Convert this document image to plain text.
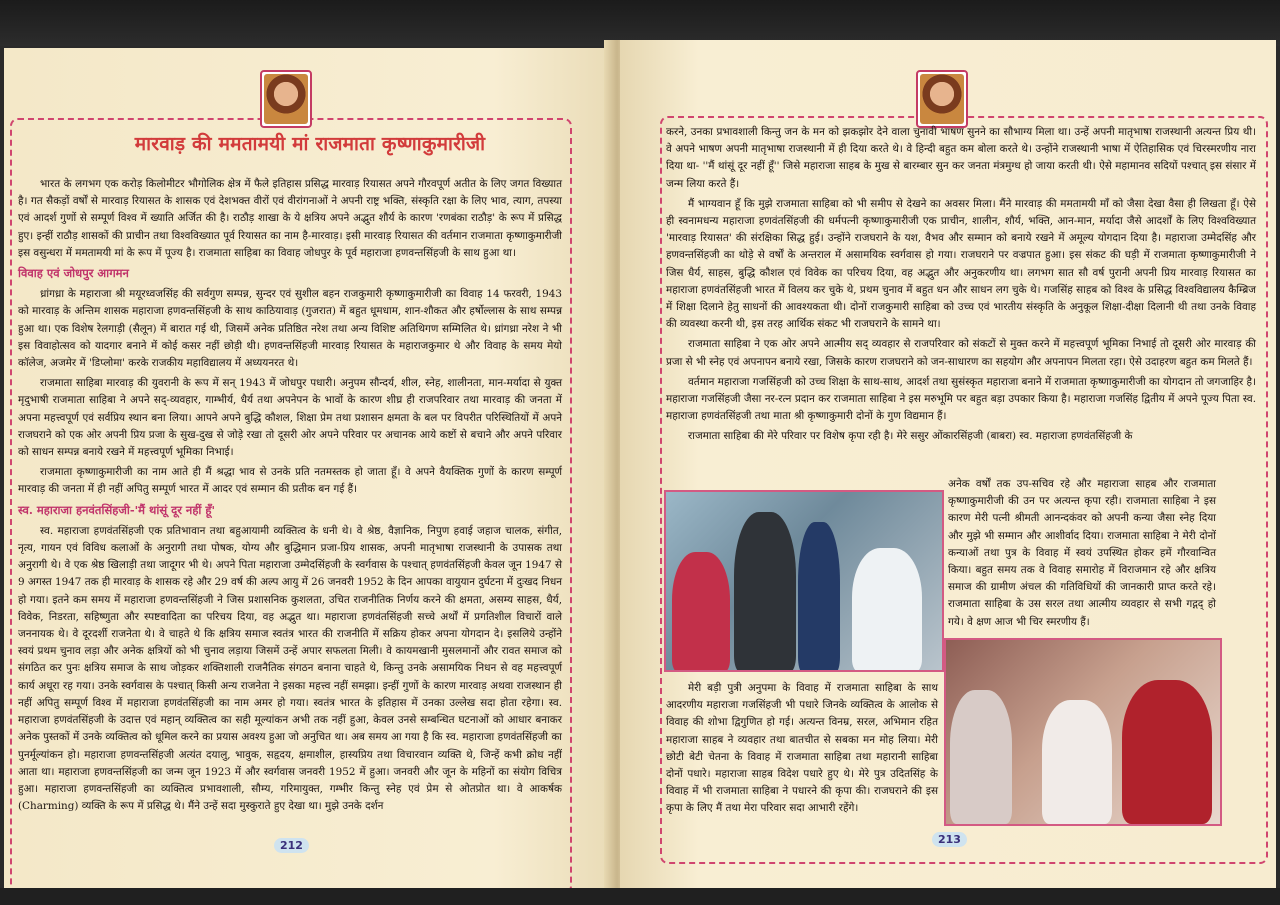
मारवाड़ की ममतामयी मां राजमाता कृष्णाकुमारीजी

भारत के लगभग एक करोड़ किलोमीटर भौगोलिक क्षेत्र में फैले इतिहास प्रसिद्ध मारवाड़ रियासत अपने गौरवपूर्ण अतीत के लिए जगत विख्यात है। गत सैकड़ों वर्षों से मारवाड़ रियासत के शासक एवं देशभक्त वीरों एवं वीरांगनाओं ने अपनी राष्ट्र भक्ति, संस्कृति रक्षा के लिए भाव, त्याग, तपस्या एवं आदर्श गुणों से सम्पूर्ण विश्व में ख्याति अर्जित की है। राठौड़ शाखा के ये क्षत्रिय अपने अद्भुत शौर्य के कारण 'रणबंका राठौड़' के रूप में प्रसिद्ध हुए। इन्हीं राठौड़ शासकों की प्राचीन तथा विश्वविख्यात पूर्व रियासत का नाम है-मारवाड़। इसी मारवाड़ रियासत की वर्तमान राजमाता कृष्णाकुमारीजी इस वसुन्धरा में ममतामयी मां के रूप में पूज्य है। राजमाता साहिबा का विवाह जोधपुर के पूर्व महाराजा हणवन्तसिंहजी के साथ हुआ था।

विवाह एवं जोधपुर आगमन

ध्रांगध्रा के महाराजा श्री मयूरध्वजसिंह की सर्वगुण सम्पन्न, सुन्दर एवं सुशील बहन राजकुमारी कृष्णाकुमारीजी का विवाह 14 फरवरी, 1943 को मारवाड़ के अन्तिम शासक महाराजा हणवन्तसिंहजी के साथ काठियावाड़ (गुजरात) में बहुत धूमधाम, शान-शौकत और हर्षोल्लास के साथ सम्पन्न हुआ था। एक विशेष रेलगाड़ी (सैलून) में बारात गई थी, जिसमें अनेक प्रतिष्ठित नरेश तथा अन्य विशिष्ट अतिथिगण सम्मिलित थे। ध्रांगध्रा नरेश ने भी इस विवाहोत्सव को यादगार बनाने में कोई कसर नहीं छोड़ी थी। हणवन्तसिंहजी मारवाड़ रियासत के महाराजकुमार थे और विवाह के समय मेयो कॉलेज, अजमेर में 'डिप्लोमा' करके राजकीय महाविद्यालय में अध्ययनरत थे।

राजमाता साहिबा मारवाड़ की युवरानी के रूप में सन् 1943 में जोधपुर पधारी। अनुपम सौन्दर्य, शील, स्नेह, शालीनता, मान-मर्यादा से युक्त मृदुभाषी राजमाता साहिबा ने अपने सद्-व्यवहार, गाम्भीर्य, धैर्य तथा अपनेपन के भावों के कारण शीघ्र ही राजपरिवार तथा मारवाड़ की जनता में अपना महत्त्वपूर्ण एवं सर्वप्रिय स्थान बना लिया। आपने अपने बुद्धि कौशल, शिक्षा प्रेम तथा प्रशासन क्षमता के बल पर विपरीत परिस्थितियों में अपने राजघराने को एक ओर अपनी प्रिय प्रजा के सुख-दुख से जोड़े रखा तो दूसरी ओर अपने परिवार पर अचानक आये कष्टों से बचाने और अपने परिवार को साधन सम्पन्न बनाये रखने में महत्त्वपूर्ण भूमिका निभाई।

राजमाता कृष्णाकुमारीजी का नाम आते ही मैं श्रद्धा भाव से उनके प्रति नतमस्तक हो जाता हूँ। वे अपने वैयक्तिक गुणों के कारण सम्पूर्ण मारवाड़ की जनता में ही नहीं अपितु सम्पूर्ण भारत में आदर एवं सम्मान की प्रतीक बन गई हैं।

स्व. महाराजा हनवंतसिंहजी-'मैं थांसूं दूर नहीं हूँ'

स्व. महाराजा हणवंतसिंहजी एक प्रतिभावान तथा बहुआयामी व्यक्तित्व के धनी थे। वे श्रेष्ठ, वैज्ञानिक, निपुण हवाई जहाज चालक, संगीत, नृत्य, गायन एवं विविध कलाओं के अनुरागी तथा पोषक, योग्य और बुद्धिमान प्रजा-प्रिय शासक, अपनी मातृभाषा राजस्थानी के उपासक तथा अनुरागी थे। वे एक श्रेष्ठ खिलाड़ी तथा जादूगर भी थे। अपने पिता महाराजा उम्मेदसिंहजी के स्वर्गवास के पश्चात् हणवंतसिंहजी केवल जून 1947 से 9 अगस्त 1947 तक ही मारवाड़ के शासक रहे और 29 वर्ष की अल्प आयु में 26 जनवरी 1952 के दिन आपका वायुयान दुर्घटना में दुःखद निधन हो गया। इतने कम समय में महाराजा हणवन्तसिंहजी ने जिस प्रशासनिक कुशलता, उचित राजनीतिक निर्णय करने की क्षमता, असम्य साहस, धैर्य, विवेक, निडरता, सहिष्णुता और स्पष्टवादिता का परिचय दिया, वह अद्भुत था। महाराजा हणवंतसिंहजी सच्चे अर्थों में प्रगतिशील विचारों वाले जननायक थे। वे दूरदर्शी राजनेता थे। वे चाहते थे कि क्षत्रिय समाज स्वतंत्र भारत की राजनीति में सक्रिय होकर अपना योगदान दे। इसलिये उन्होंने स्वयं प्रथम चुनाव लड़ा और अनेक क्षत्रियों को भी चुनाव लड़ाया जिसमें उन्हें अपार सफलता मिली। वे कायमखानी मुसलमानों और रावत समाज को संगठित कर पुनः क्षत्रिय समाज के साथ जोड़कर शक्तिशाली राजनैतिक संगठन बनाना चाहते थे, किन्तु उनके असामयिक निधन से वह महत्त्वपूर्ण कार्य अधूरा रह गया। उनके स्वर्गवास के पश्चात् किसी अन्य राजनेता ने इसका महत्त्व नहीं समझा। इन्हीं गुणों के कारण मारवाड़ अथवा राजस्थान ही नहीं अपितु सम्पूर्ण विश्व में महाराजा हणवंतसिंहजी का नाम अमर हो गया। स्वतंत्र भारत के इतिहास में उनका उल्लेख सदा होता रहेगा। स्व. महाराजा हणवंतसिंहजी के उदात्त एवं महान् व्यक्तित्व का सही मूल्यांकन अभी तक नहीं हुआ, केवल उनसे सम्बन्धित घटनाओं को आधार बनाकर अनेक पुस्तकों में उनके व्यक्तित्व को धूमिल करने का प्रयास अवश्य हुआ जो अनुचित था। अब समय आ गया है कि स्व. महाराजा हणवंतसिंहजी का पुनर्मूल्यांकन हो। महाराजा हणवन्तसिंहजी अत्यंत दयालु, भावुक, सहृदय, क्षमाशील, हास्यप्रिय तथा विचारवान व्यक्ति थे, जिन्हें कभी क्रोध नहीं आता था। महाराजा हणवन्तसिंहजी का जन्म जून 1923 में और स्वर्गवास जनवरी 1952 में हुआ। जनवरी और जून के महिनों का संयोग विचित्र हुआ। महाराजा हणवन्तसिंहजी का व्यक्तित्व प्रभावशाली, सौम्य, गरिमायुक्त, गम्भीर किन्तु स्नेह एवं प्रेम से ओतप्रोत था। वे आकर्षक (Charming) व्यक्ति के रूप में प्रसिद्ध थे। मैंने उन्हें सदा मुस्कुराते हुए देखा था। मुझे उनके दर्शन

212

करने, उनका प्रभावशाली किन्तु जन के मन को झकझोर देने वाला चुनावी भाषण सुनने का सौभाग्य मिला था। उन्हें अपनी मातृभाषा राजस्थानी अत्यन्त प्रिय थी। वे अपने भाषण अपनी मातृभाषा राजस्थानी में ही दिया करते थे। वे हिन्दी बहुत कम बोला करते थे। उन्होंने राजस्थानी भाषा में ऐतिहासिक एवं चिरस्मरणीय नारा दिया था- ''मैं थांसूं दूर नहीं हूँ'' जिसे महाराजा साहब के मुख से बारम्बार सुन कर जनता मंत्रमुग्ध हो जाया करती थी। ऐसे महामानव सदियों पश्चात् इस संसार में जन्म लिया करते हैं।

मैं भाग्यवान हूँ कि मुझे राजमाता साहिबा को भी समीप से देखने का अवसर मिला। मैंने मारवाड़ की ममतामयी माँ को जैसा देखा वैसा ही लिखता हूँ। ऐसे ही स्वनामधन्य महाराजा हणवंतसिंहजी की धर्मपत्नी कृष्णाकुमारीजी एक प्राचीन, शालीन, शौर्य, भक्ति, आन-मान, मर्यादा जैसे आदर्शों के लिए विश्वविख्यात 'मारवाड़ रियासत' की संरक्षिका सिद्ध हुई। उन्होंने राजघराने के यश, वैभव और सम्मान को बनाये रखने में अमूल्य योगदान दिया है। महाराजा उम्मेदसिंह और हणवन्तसिंहजी का थोड़े से वर्षों के अन्तराल में असामयिक स्वर्गवास हो गया। राजघराने पर वज्रपात हुआ। इस संकट की घड़ी में राजमाता कृष्णाकुमारीजी ने जिस धैर्य, साहस, बुद्धि कौशल एवं विवेक का परिचय दिया, वह अद्भुत और अनुकरणीय था। लगभग सात सौ वर्ष पुरानी अपनी प्रिय मारवाड़ रियासत का महाराजा हणवंतसिंहजी भारत में विलय कर चुके थे, प्रथम चुनाव में बहुत धन और साधन लग चुके थे। गजसिंह साहब को विश्व के प्रसिद्ध विश्वविद्यालय कैम्ब्रिज में शिक्षा दिलाने हेतु साधनों की आवश्यकता थी। दोनों राजकुमारी साहिबा को उच्च एवं भारतीय संस्कृति के अनुकूल शिक्षा-दीक्षा दिलानी थी तथा उनके विवाह की व्यवस्था करनी थी, इस तरह आर्थिक संकट भी राजघराने के सामने था।

राजमाता साहिबा ने एक ओर अपने आत्मीय सद् व्यवहार से राजपरिवार को संकटों से मुक्त करने में महत्त्वपूर्ण भूमिका निभाई तो दूसरी ओर मारवाड़ की प्रजा से भी स्नेह एवं अपनापन बनाये रखा, जिसके कारण राजघराने को जन-साधारण का सहयोग और अपनापन मिलता रहा। ऐसे उदाहरण बहुत कम मिलते हैं।

वर्तमान महाराजा गजसिंहजी को उच्च शिक्षा के साथ-साथ, आदर्श तथा सुसंस्कृत महाराजा बनाने में राजमाता कृष्णाकुमारीजी का योगदान तो जगजाहिर है। महाराजा गजसिंहजी जैसा नर-रत्न प्रदान कर राजमाता साहिबा ने इस मरुभूमि पर बहुत बड़ा उपकार किया है। महाराजा गजसिंह द्वितीय में अपने पूज्य पिता स्व. महाराजा हणवंतसिंहजी तथा माता श्री कृष्णाकुमारी दोनों के गुण विद्यमान हैं।

राजमाता साहिबा की मेरे परिवार पर विशेष कृपा रही है। मेरे ससुर ओंकारसिंहजी (बाबरा) स्व. महाराजा हणवंतसिंहजी के

अनेक वर्षों तक उप-सचिव रहे और महाराजा साहब और राजमाता कृष्णाकुमारीजी की उन पर अत्यन्त कृपा रही। राजमाता साहिबा ने इस कारण मेरी पत्नी श्रीमती आनन्दकंवर को अपनी कन्या जैसा स्नेह दिया और मुझे भी सम्मान और आशीर्वाद दिया। राजमाता साहिबा ने मेरी दोनों कन्याओं तथा पुत्र के विवाह में स्वयं उपस्थित होकर हमें गौरवान्वित किया। बहुत समय तक वे विवाह समारोह में विराजमान रहे और क्षत्रिय समाज की ग्रामीण अंचल की गतिविधियों की जानकारी प्राप्त करते रहे। राजमाता साहिबा के उस सरल तथा आत्मीय व्यवहार से सभी गद्गद् हो गये। वे क्षण आज भी चिर स्मरणीय हैं।

मेरी बड़ी पुत्री अनुपमा के विवाह में राजमाता साहिबा के साथ आदरणीय महाराजा गजसिंहजी भी पधारे जिनके व्यक्तित्व के आलोक से विवाह की शोभा द्विगुणित हो गई। अत्यन्त विनम्र, सरल, अभिमान रहित महाराजा साहब ने व्यवहार तथा बातचीत से सबका मन मोह लिया। मेरी छोटी बेटी चेतना के विवाह में राजमाता साहिबा तथा महारानी साहिबा दोनों पधारे। महाराजा साहब विदेश पधारे हुए थे। मेरे पुत्र उदितसिंह के विवाह में भी राजमाता साहिबा ने पधारने की कृपा की। राजघराने की इस कृपा के लिए मैं तथा मेरा परिवार सदा आभारी रहेंगे।

213
